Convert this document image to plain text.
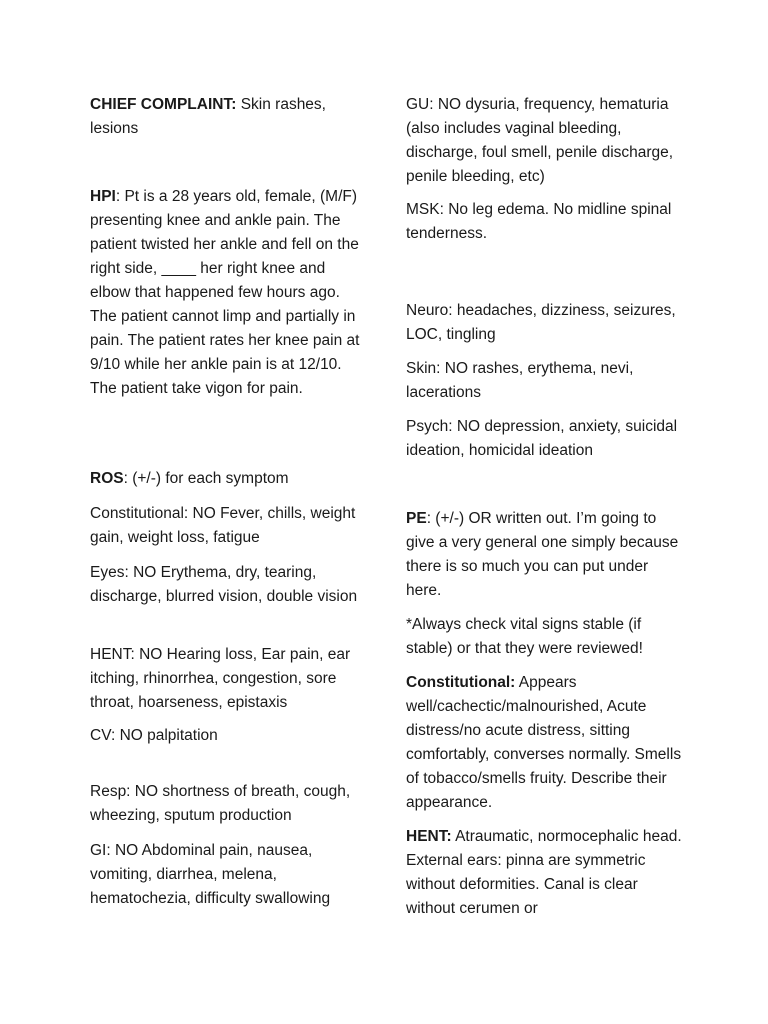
CHIEF COMPLAINT: Skin rashes, lesions

HPI: Pt is a 28 years old, female, (M/F) presenting knee and ankle pain. The patient twisted her ankle and fell on the right side, ____ her right knee and elbow that happened few hours ago. The patient cannot limp and partially in pain. The patient rates her knee pain at 9/10 while her ankle pain is at 12/10. The patient take vigon for pain.

ROS: (+/-) for each symptom

Constitutional: NO Fever, chills, weight gain, weight loss, fatigue

Eyes: NO Erythema, dry, tearing, discharge, blurred vision, double vision

HENT: NO Hearing loss, Ear pain, ear itching, rhinorrhea, congestion, sore throat, hoarseness, epistaxis

CV: NO palpitation

Resp: NO shortness of breath, cough, wheezing, sputum production

GI: NO Abdominal pain, nausea, vomiting, diarrhea, melena, hematochezia, difficulty swallowing

GU: NO dysuria, frequency, hematuria (also includes vaginal bleeding, discharge, foul smell, penile discharge, penile bleeding, etc)

MSK: No leg edema. No midline spinal tenderness.

Neuro: headaches, dizziness, seizures, LOC, tingling

Skin: NO rashes, erythema, nevi, lacerations

Psych: NO depression, anxiety, suicidal ideation, homicidal ideation

PE: (+/-) OR written out. I’m going to give a very general one simply because there is so much you can put under here.

*Always check vital signs stable (if stable) or that they were reviewed!

Constitutional: Appears well/cachectic/malnourished, Acute distress/no acute distress, sitting comfortably, converses normally. Smells of tobacco/smells fruity. Describe their appearance.

HENT: Atraumatic, normocephalic head. External ears: pinna are symmetric without deformities. Canal is clear without cerumen or
